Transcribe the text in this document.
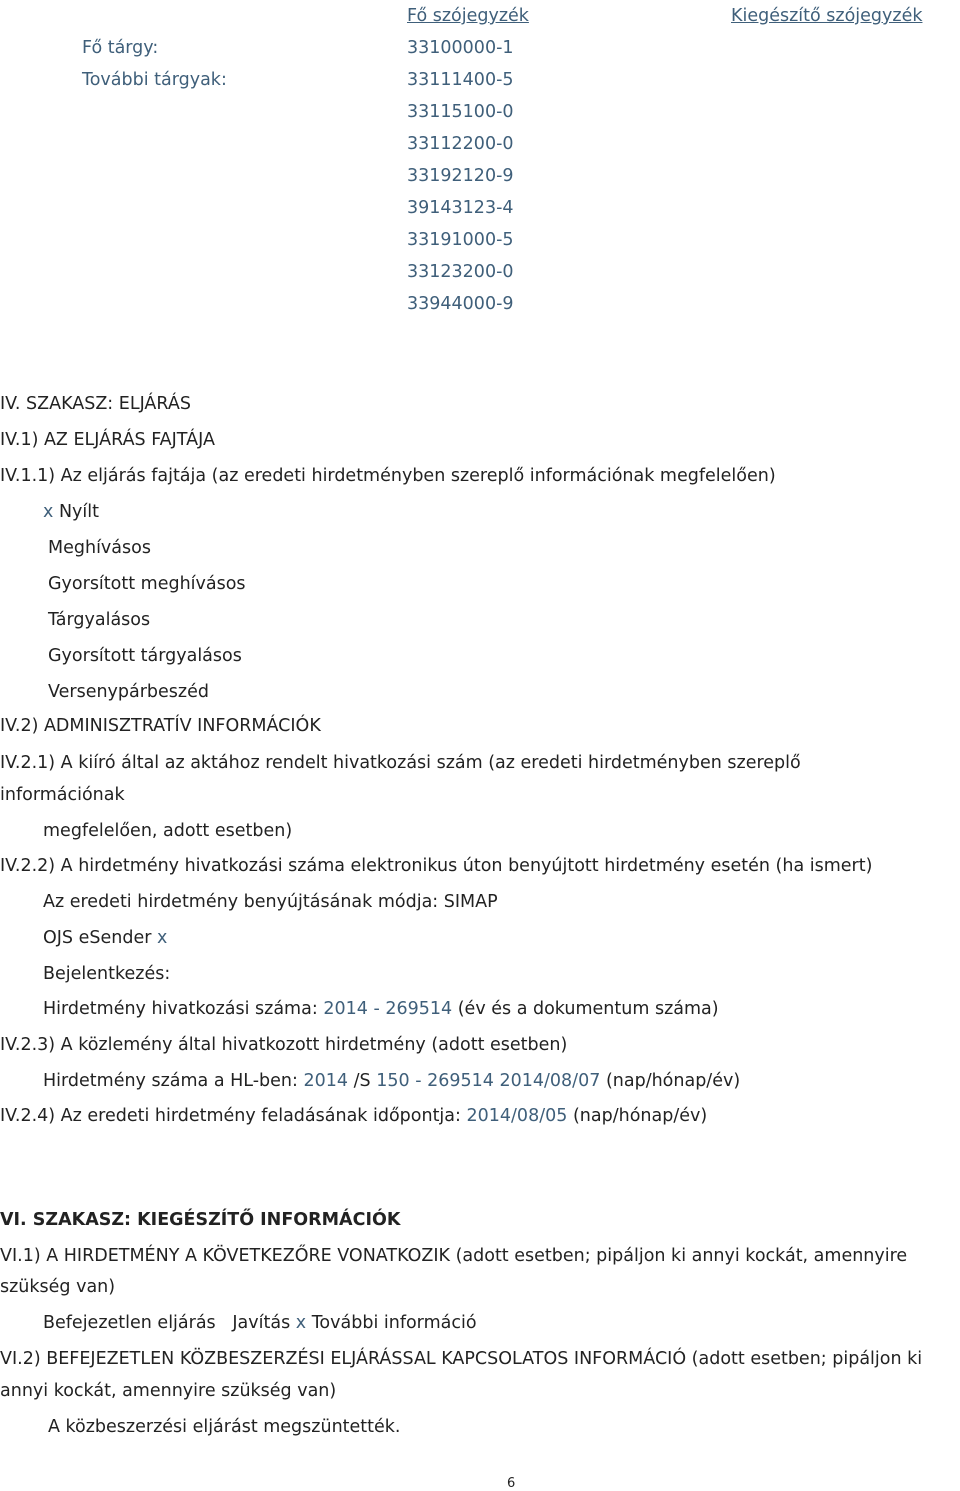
Fő szójegyzék	Kiegészítő szójegyzék
Fő tárgy:	33100000-1
További tárgyak:	33111400-5
33115100-0
33112200-0
33192120-9
39143123-4
33191000-5
33123200-0
33944000-9
IV. SZAKASZ: ELJÁRÁS
IV.1) AZ ELJÁRÁS FAJTÁJA
IV.1.1) Az eljárás fajtája (az eredeti hirdetményben szereplő információnak megfelelően)
x Nyílt
Meghívásos
Gyorsított meghívásos
Tárgyalásos
Gyorsított tárgyalásos
Versenypárbeszéd
IV.2) ADMINISZTRATÍV INFORMÁCIÓK
IV.2.1) A kiíró által az aktához rendelt hivatkozási szám (az eredeti hirdetményben szereplő
információnak
megfelelően, adott esetben)
IV.2.2) A hirdetmény hivatkozási száma elektronikus úton benyújtott hirdetmény esetén (ha ismert)
Az eredeti hirdetmény benyújtásának módja: SIMAP
OJS eSender x
Bejelentkezés:
Hirdetmény hivatkozási száma: 2014 - 269514 (év és a dokumentum száma)
IV.2.3) A közlemény által hivatkozott hirdetmény (adott esetben)
Hirdetmény száma a HL-ben: 2014 /S 150 - 269514 2014/08/07 (nap/hónap/év)
IV.2.4) Az eredeti hirdetmény feladásának időpontja: 2014/08/05 (nap/hónap/év)
VI. SZAKASZ: KIEGÉSZÍTŐ INFORMÁCIÓK
VI.1) A HIRDETMÉNY A KÖVETKEZŐRE VONATKOZIK (adott esetben; pipáljon ki annyi kockát, amennyire
szükség van)
Befejezetlen eljárás Javítás x További információ
VI.2) BEFEJEZETLEN KÖZBESZERZÉSI ELJÁRÁSSAL KAPCSOLATOS INFORMÁCIÓ (adott esetben; pipáljon ki
annyi kockát, amennyire szükség van)
A közbeszerzési eljárást megszüntették.
6
